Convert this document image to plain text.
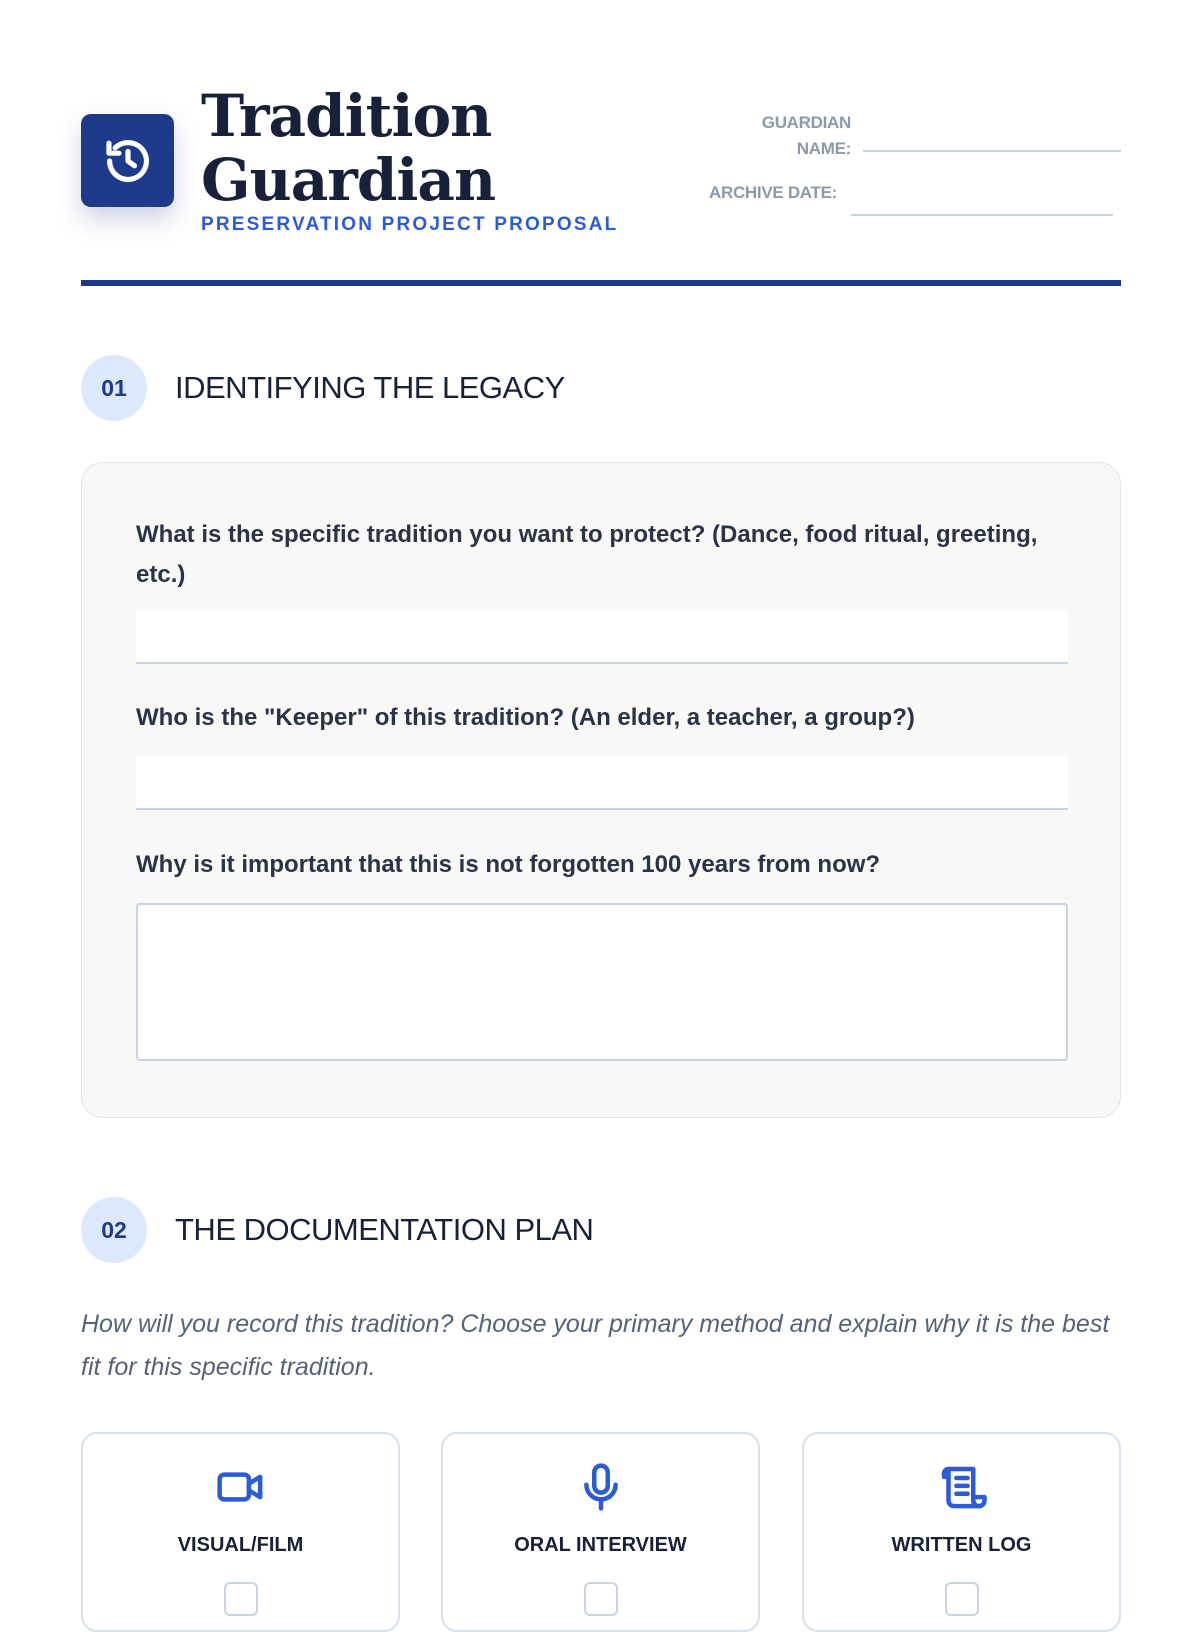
Tradition
Guardian
PRESERVATION PROJECT PROPOSAL
GUARDIAN
NAME:
ARCHIVE DATE:
01	IDENTIFYING THE LEGACY
What is the specific tradition you want to protect? (Dance, food ritual, greeting, etc.)
Who is the "Keeper" of this tradition? (An elder, a teacher, a group?)
Why is it important that this is not forgotten 100 years from now?
02	THE DOCUMENTATION PLAN
How will you record this tradition? Choose your primary method and explain why it is the best fit for this specific tradition.
VISUAL/FILM	ORAL INTERVIEW	WRITTEN LOG
